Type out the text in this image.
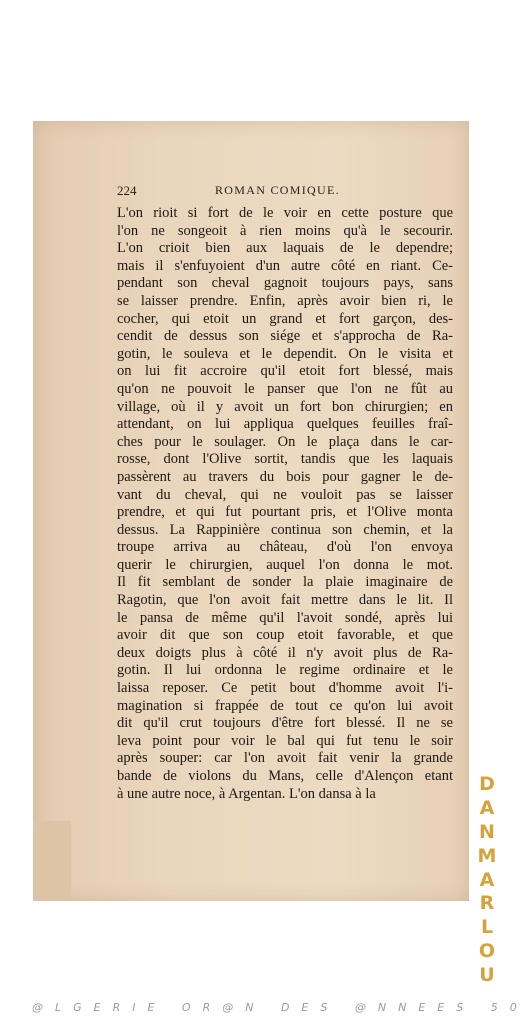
224	ROMAN COMIQUE.
L'on rioit si fort de le voir en cette posture que
l'on ne songeoit à rien moins qu'à le secourir.
L'on crioit bien aux laquais de le dependre;
mais il s'enfuyoient d'un autre côté en riant. Ce-
pendant son cheval gagnoit toujours pays, sans
se laisser prendre. Enfin, après avoir bien ri, le
cocher, qui etoit un grand et fort garçon, des-
cendit de dessus son siége et s'approcha de Ra-
gotin, le souleva et le dependit. On le visita et
on lui fit accroire qu'il etoit fort blessé, mais
qu'on ne pouvoit le panser que l'on ne fût au
village, où il y avoit un fort bon chirurgien; en
attendant, on lui appliqua quelques feuilles fraî-
ches pour le soulager. On le plaça dans le car-
rosse, dont l'Olive sortit, tandis que les laquais
passèrent au travers du bois pour gagner le de-
vant du cheval, qui ne vouloit pas se laisser
prendre, et qui fut pourtant pris, et l'Olive monta
dessus. La Rappinière continua son chemin, et la
troupe arriva au château, d'où l'on envoya
querir le chirurgien, auquel l'on donna le mot.
Il fit semblant de sonder la plaie imaginaire de
Ragotin, que l'on avoit fait mettre dans le lit. Il
le pansa de même qu'il l'avoit sondé, après lui
avoir dit que son coup etoit favorable, et que
deux doigts plus à côté il n'y avoit plus de Ra-
gotin. Il lui ordonna le regime ordinaire et le
laissa reposer. Ce petit bout d'homme avoit l'i-
magination si frappée de tout ce qu'on lui avoit
dit qu'il crut toujours d'être fort blessé. Il ne se
leva point pour voir le bal qui fut tenu le soir
après souper: car l'on avoit fait venir la grande
bande de violons du Mans, celle d'Alençon etant
à une autre noce, à Argentan. L'on dansa à la	D
A
N
M
A
R
L
O
U
@LGERIE OR@N DES @NNEES 50
